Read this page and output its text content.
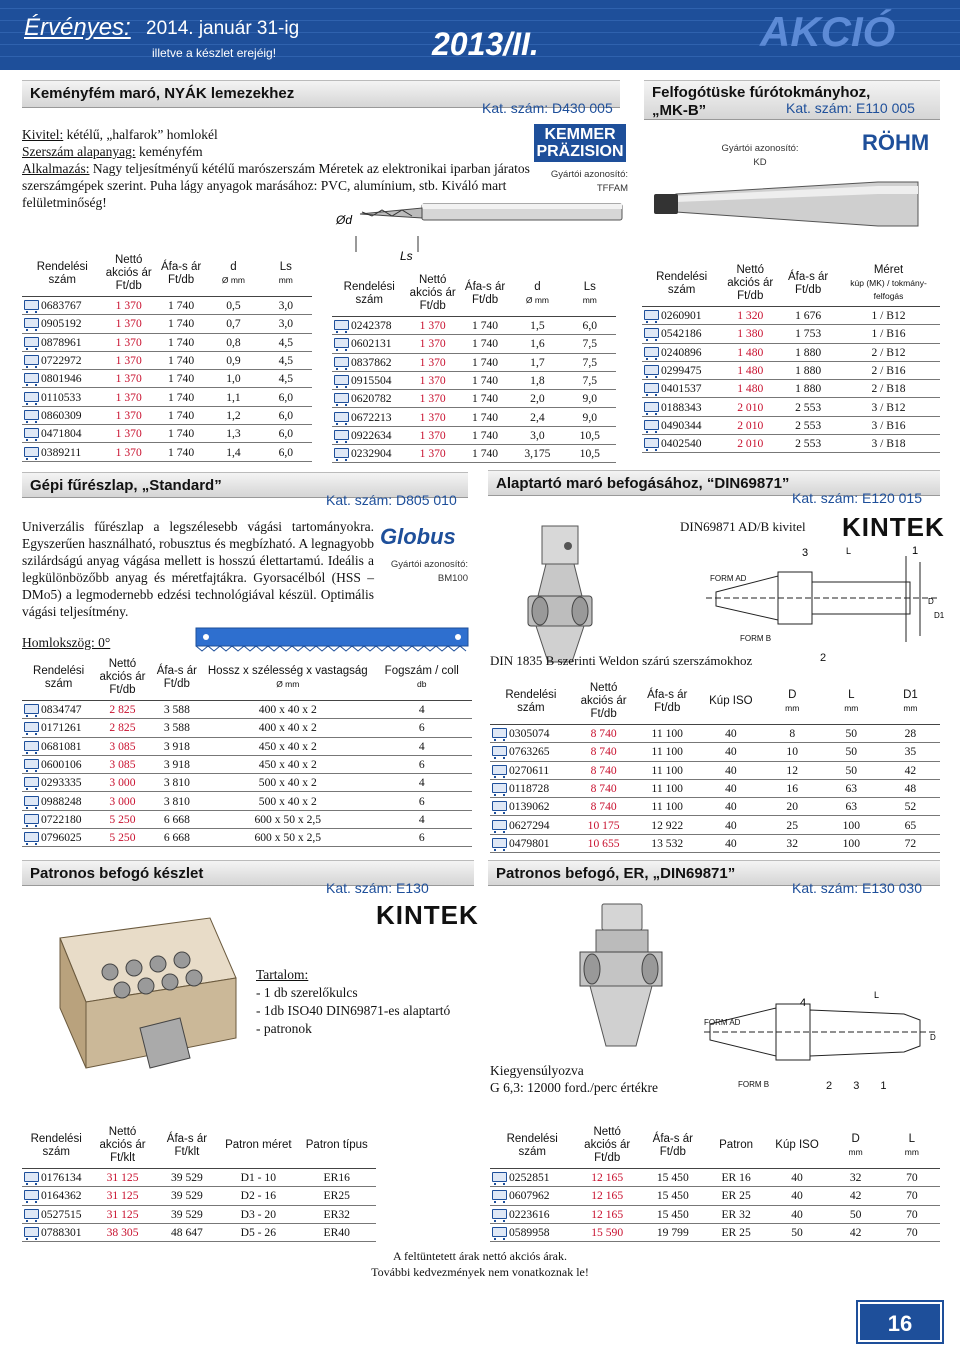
Érvényes: 2014. január 31-ig
illetve a készlet erejéig!	2013/II.	AKCIÓ
Keményfém maró, NYÁK lemezekhez
Kat. szám: D430 005
Kivitel: kétélű, „halfarok” homlokél
Szerszám alapanyag: keményfém
Alkalmazás: Nagy teljesítményű kétélű marószerszám Méretek az elektronikai iparban járatos szerszámgépek szerint. Puha lágy anyagok marásához: PVC, alumínium, stb. Kiváló mart felületminőség!
KEMMER PRÄZISION
Gyártói azonosító:
TFFAM
Ød
Ls
Rendelési szám	Nettó akciós ár Ft/db	Áfa-s ár Ft/db	d
Ø mm	Ls
mm
0683767	1 370	1 740	0,5	3,0
0905192	1 370	1 740	0,7	3,0
0878961	1 370	1 740	0,8	4,5
0722972	1 370	1 740	0,9	4,5
0801946	1 370	1 740	1,0	4,5
0110533	1 370	1 740	1,1	6,0
0860309	1 370	1 740	1,2	6,0
0471804	1 370	1 740	1,3	6,0
0389211	1 370	1 740	1,4	6,0
Rendelési szám	Nettó akciós ár Ft/db	Áfa-s ár Ft/db	d
Ø mm	Ls
mm
0242378	1 370	1 740	1,5	6,0
0602131	1 370	1 740	1,6	7,5
0837862	1 370	1 740	1,7	7,5
0915504	1 370	1 740	1,8	7,5
0620782	1 370	1 740	2,0	9,0
0672213	1 370	1 740	2,4	9,0
0922634	1 370	1 740	3,0	10,5
0232904	1 370	1 740	3,175	10,5
Felfogótüske fúrótokmányhoz,
„MK-B”	Kat. szám: E110 005
Gyártói azonosító:
KD
RÖHM
Rendelési szám	Nettó akciós ár Ft/db	Áfa-s ár Ft/db	Méret
kúp (MK) / tokmány-felfogás
0260901	1 320	1 676	1 / B12
0542186	1 380	1 753	1 / B16
0240896	1 480	1 880	2 / B12
0299475	1 480	1 880	2 / B16
0401537	1 480	1 880	2 / B18
0188343	2 010	2 553	3 / B12
0490344	2 010	2 553	3 / B16
0402540	2 010	2 553	3 / B18
Gépi fűrészlap, „Standard”
Kat. szám: D805 010
Univerzális fűrészlap a legszélesebb vágási tartományokra. Egyszerűen használható, robusztus és megbízható. A legnagyobb szilárdságú anyag vágása mellett is hosszú élettartamú. Ideális a legkülönbözőbb anyag és méretfajtákra. Gyorsacélból (HSS – DMo5) a legmodernebb edzési technológiával készül. Optimális vágási teljesítmény.
Globus
Gyártói azonosító:
BM100
Homlokszög: 0°
Rendelési szám	Nettó akciós ár Ft/db	Áfa-s ár Ft/db	Hossz x szélesség x vastagság
Ø mm	Fogszám / coll
db
0834747	2 825	3 588	400 x 40 x 2	4
0171261	2 825	3 588	400 x 40 x 2	6
0681081	3 085	3 918	450 x 40 x 2	4
0600106	3 085	3 918	450 x 40 x 2	6
0293335	3 000	3 810	500 x 40 x 2	4
0988248	3 000	3 810	500 x 40 x 2	6
0722180	5 250	6 668	600 x 50 x 2,5	4
0796025	5 250	6 668	600 x 50 x 2,5	6
Alaptartó maró befogásához, “DIN69871”
Kat. szám: E120 015
DIN69871 AD/B kivitel KINTEK
L
3	1
D
D1
FORM AD
FORM B
2
DIN 1835 B szerinti Weldon szárú szerszámokhoz
Rendelési szám	Nettó akciós ár Ft/db	Áfa-s ár Ft/db	Kúp ISO	D
mm	L
mm	D1
mm
0305074	8 740	11 100	40	8	50	28
0763265	8 740	11 100	40	10	50	35
0270611	8 740	11 100	40	12	50	42
0118728	8 740	11 100	40	16	63	48
0139062	8 740	11 100	40	20	63	52
0627294	10 175	12 922	40	25	100	65
0479801	10 655	13 532	40	32	100	72
Patronos befogó készlet
Kat. szám: E130
KINTEK
Tartalom:
- 1 db szerelőkulcs
- 1db ISO40 DIN69871-es alaptartó
- patronok
Rendelési szám	Nettó akciós ár Ft/klt	Áfa-s ár Ft/klt	Patron méret	Patron típus
0176134	31 125	39 529	D1 - 10	ER16
0164362	31 125	39 529	D2 - 16	ER25
0527515	31 125	39 529	D3 - 20	ER32
0788301	38 305	48 647	D5 - 26	ER40
Patronos befogó, ER, „DIN69871”
Kat. szám: E130 030
4
L
D
FORM AD
FORM B	2 3 1
Kiegyensúlyozva
G 6,3: 12000 ford./perc értékre
Rendelési szám	Nettó akciós ár Ft/db	Áfa-s ár Ft/db	Patron	Kúp ISO	D
mm	L
mm
0252851	12 165	15 450	ER 16	40	32	70
0607962	12 165	15 450	ER 25	40	42	70
0223616	12 165	15 450	ER 32	40	50	70
0589958	15 590	19 799	ER 25	50	42	70
A feltüntetett árak nettó akciós árak.
További kedvezmények nem vonatkoznak le!
16
